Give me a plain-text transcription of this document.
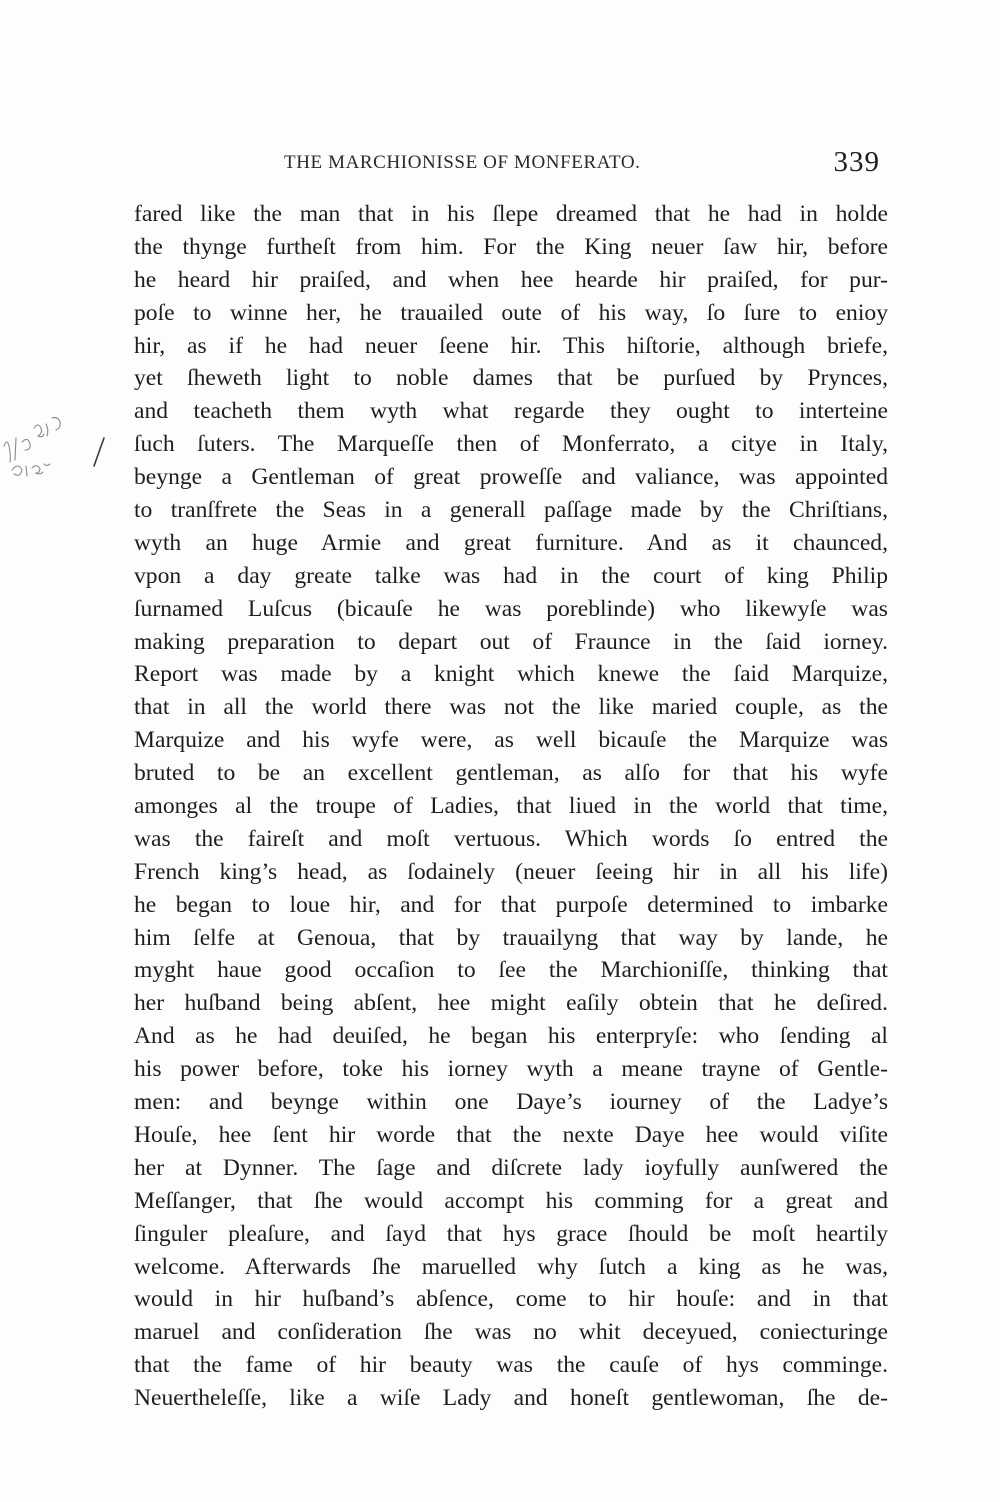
THE MARCHIONISSE OF MONFERATO.	339
fared like the man that in his ſlepe dreamed that he had in holde
the thynge furtheſt from him. For the King neuer ſaw hir, before
he heard hir praiſed, and when hee hearde hir praiſed, for pur-
poſe to winne her, he trauailed oute of his way, ſo ſure to enioy
hir, as if he had neuer ſeene hir. This hiſtorie, although briefe,
yet ſheweth light to noble dames that be purſued by Prynces,
and teacheth them wyth what regarde they ought to interteine
ſuch ſuters. The Marqueſſe then of Monferrato, a citye in Italy,
beynge a Gentleman of great proweſſe and valiance, was appointed
to tranſfrete the Seas in a generall paſſage made by the Chriſtians,
wyth an huge Armie and great furniture. And as it chaunced,
vpon a day greate talke was had in the court of king Philip
ſurnamed Luſcus (bicauſe he was poreblinde) who likewyſe was
making preparation to depart out of Fraunce in the ſaid iorney.
Report was made by a knight which knewe the ſaid Marquize,
that in all the world there was not the like maried couple, as the
Marquize and his wyfe were, as well bicauſe the Marquize was
bruted to be an excellent gentleman, as alſo for that his wyfe
amonges al the troupe of Ladies, that liued in the world that time,
was the faireſt and moſt vertuous. Which words ſo entred the
French king’s head, as ſodainely (neuer ſeeing hir in all his life)
he began to loue hir, and for that purpoſe determined to imbarke
him ſelfe at Genoua, that by trauailyng that way by lande, he
myght haue good occaſion to ſee the Marchioniſſe, thinking that
her huſband being abſent, hee might eaſily obtein that he deſired.
And as he had deuiſed, he began his enterpryſe: who ſending al
his power before, toke his iorney wyth a meane trayne of Gentle-
men: and beynge within one Daye’s iourney of the Ladye’s
Houſe, hee ſent hir worde that the nexte Daye hee would viſite
her at Dynner. The ſage and diſcrete lady ioyfully aunſwered the
Meſſanger, that ſhe would accompt his comming for a great and
ſinguler pleaſure, and ſayd that hys grace ſhould be moſt heartily
welcome. Afterwards ſhe maruelled why ſutch a king as he was,
would in hir huſband’s abſence, come to hir houſe: and in that
maruel and conſideration ſhe was no whit deceyued, coniecturinge
that the fame of hir beauty was the cauſe of hys comminge.
Neuertheleſſe, like a wiſe Lady and honeſt gentlewoman, ſhe de-
